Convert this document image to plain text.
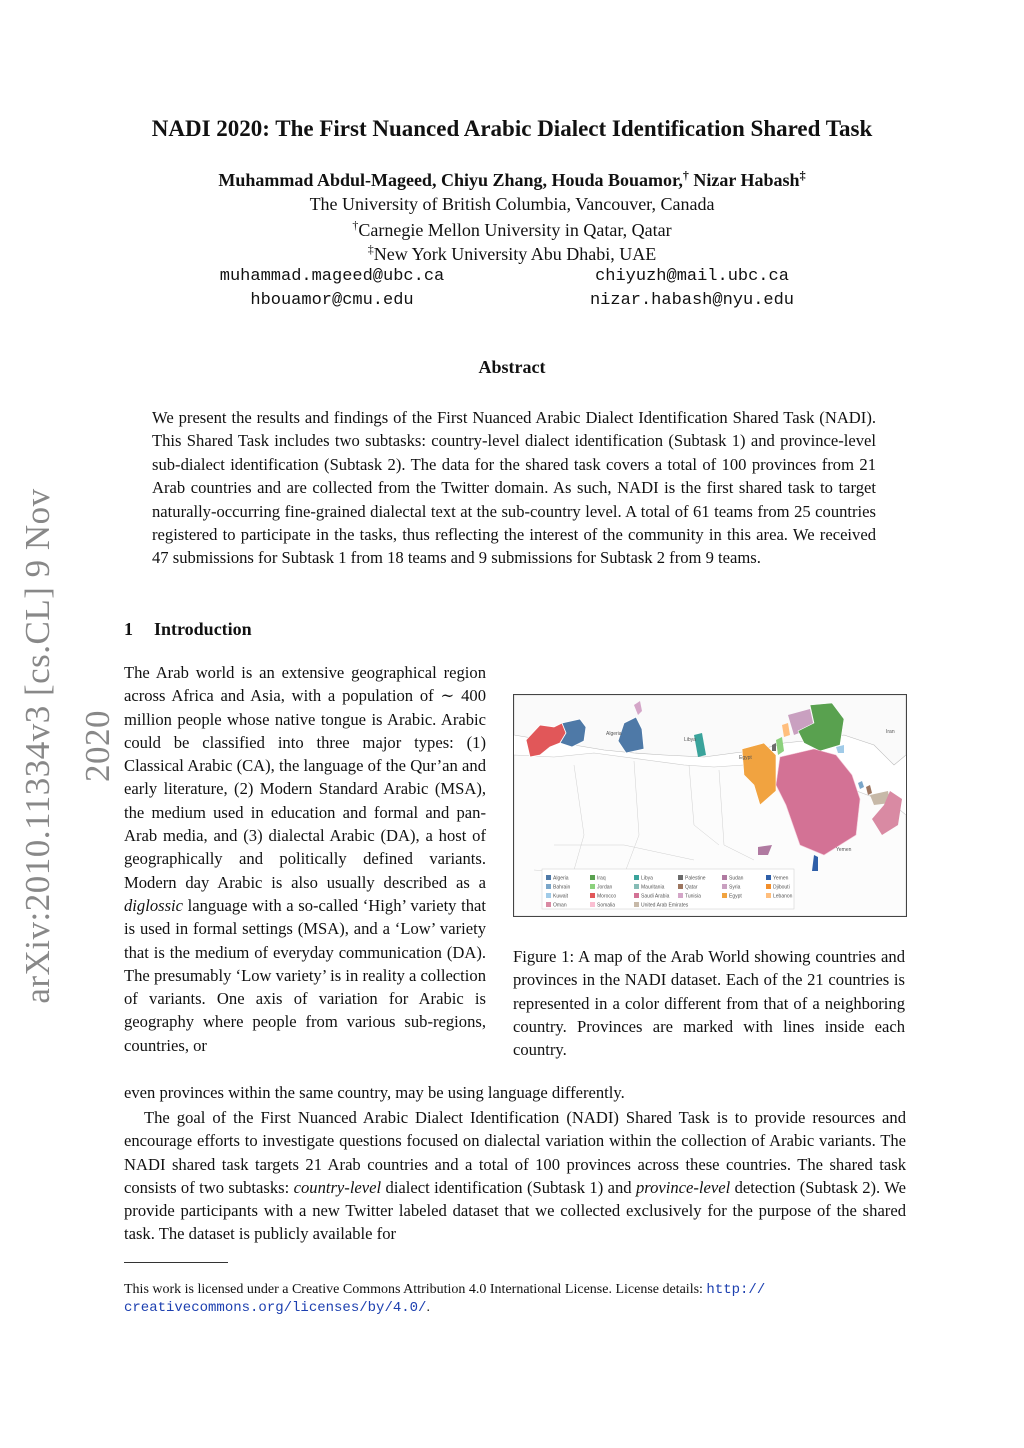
arXiv:2010.11334v3 [cs.CL] 9 Nov 2020
NADI 2020: The First Nuanced Arabic Dialect Identification Shared Task
Muhammad Abdul-Mageed, Chiyu Zhang, Houda Bouamor,† Nizar Habash‡
The University of British Columbia, Vancouver, Canada
†Carnegie Mellon University in Qatar, Qatar
‡New York University Abu Dhabi, UAE
muhammad.mageed@ubc.ca	chiyuzh@mail.ubc.ca
hbouamor@cmu.edu	nizar.habash@nyu.edu
Abstract
We present the results and findings of the First Nuanced Arabic Dialect Identification Shared Task (NADI). This Shared Task includes two subtasks: country-level dialect identification (Subtask 1) and province-level sub-dialect identification (Subtask 2). The data for the shared task covers a total of 100 provinces from 21 Arab countries and are collected from the Twitter domain. As such, NADI is the first shared task to target naturally-occurring fine-grained dialectal text at the sub-country level. A total of 61 teams from 25 countries registered to participate in the tasks, thus reflecting the interest of the community in this area. We received 47 submissions for Subtask 1 from 18 teams and 9 submissions for Subtask 2 from 9 teams.
1 Introduction
The Arab world is an extensive geographical region across Africa and Asia, with a population of ∼ 400 million people whose native tongue is Arabic. Arabic could be classified into three major types: (1) Classical Arabic (CA), the language of the Qur’an and early literature, (2) Modern Standard Arabic (MSA), the medium used in education and formal and pan-Arab media, and (3) dialectal Arabic (DA), a host of geographically and politically defined variants. Modern day Arabic is also usually described as a diglossic language with a so-called ‘High’ variety that is used in formal settings (MSA), and a ‘Low’ variety that is the medium of everyday communication (DA). The presumably ‘Low variety’ is in reality a collection of variants. One axis of variation for Arabic is geography where people from various sub-regions, countries, or
even provinces within the same country, may be using language differently.
The goal of the First Nuanced Arabic Dialect Identification (NADI) Shared Task is to provide resources and encourage efforts to investigate questions focused on dialectal variation within the collection of Arabic variants. The NADI shared task targets 21 Arab countries and a total of 100 provinces across these countries. The shared task consists of two subtasks: country-level dialect identification (Subtask 1) and province-level detection (Subtask 2). We provide participants with a new Twitter labeled dataset that we collected exclusively for the purpose of the shared task. The dataset is publicly available for
Iran
Algeria
Libya
Egypt
Yemen
Algeria	Iraq	Libya	Palestine	Sudan	Yemen
Bahrain	Jordan	Mauritania	Qatar	Syria	Djibouti
Kuwait	Morocco	Saudi Arabia	Tunisia	Egypt	Lebanon
Oman	Somalia	United Arab Emirates
Figure 1: A map of the Arab World showing countries and provinces in the NADI dataset. Each of the 21 countries is represented in a color different from that of a neighboring country. Provinces are marked with lines inside each country.
This work is licensed under a Creative Commons Attribution 4.0 International License. License details: http://
creativecommons.org/licenses/by/4.0/.
